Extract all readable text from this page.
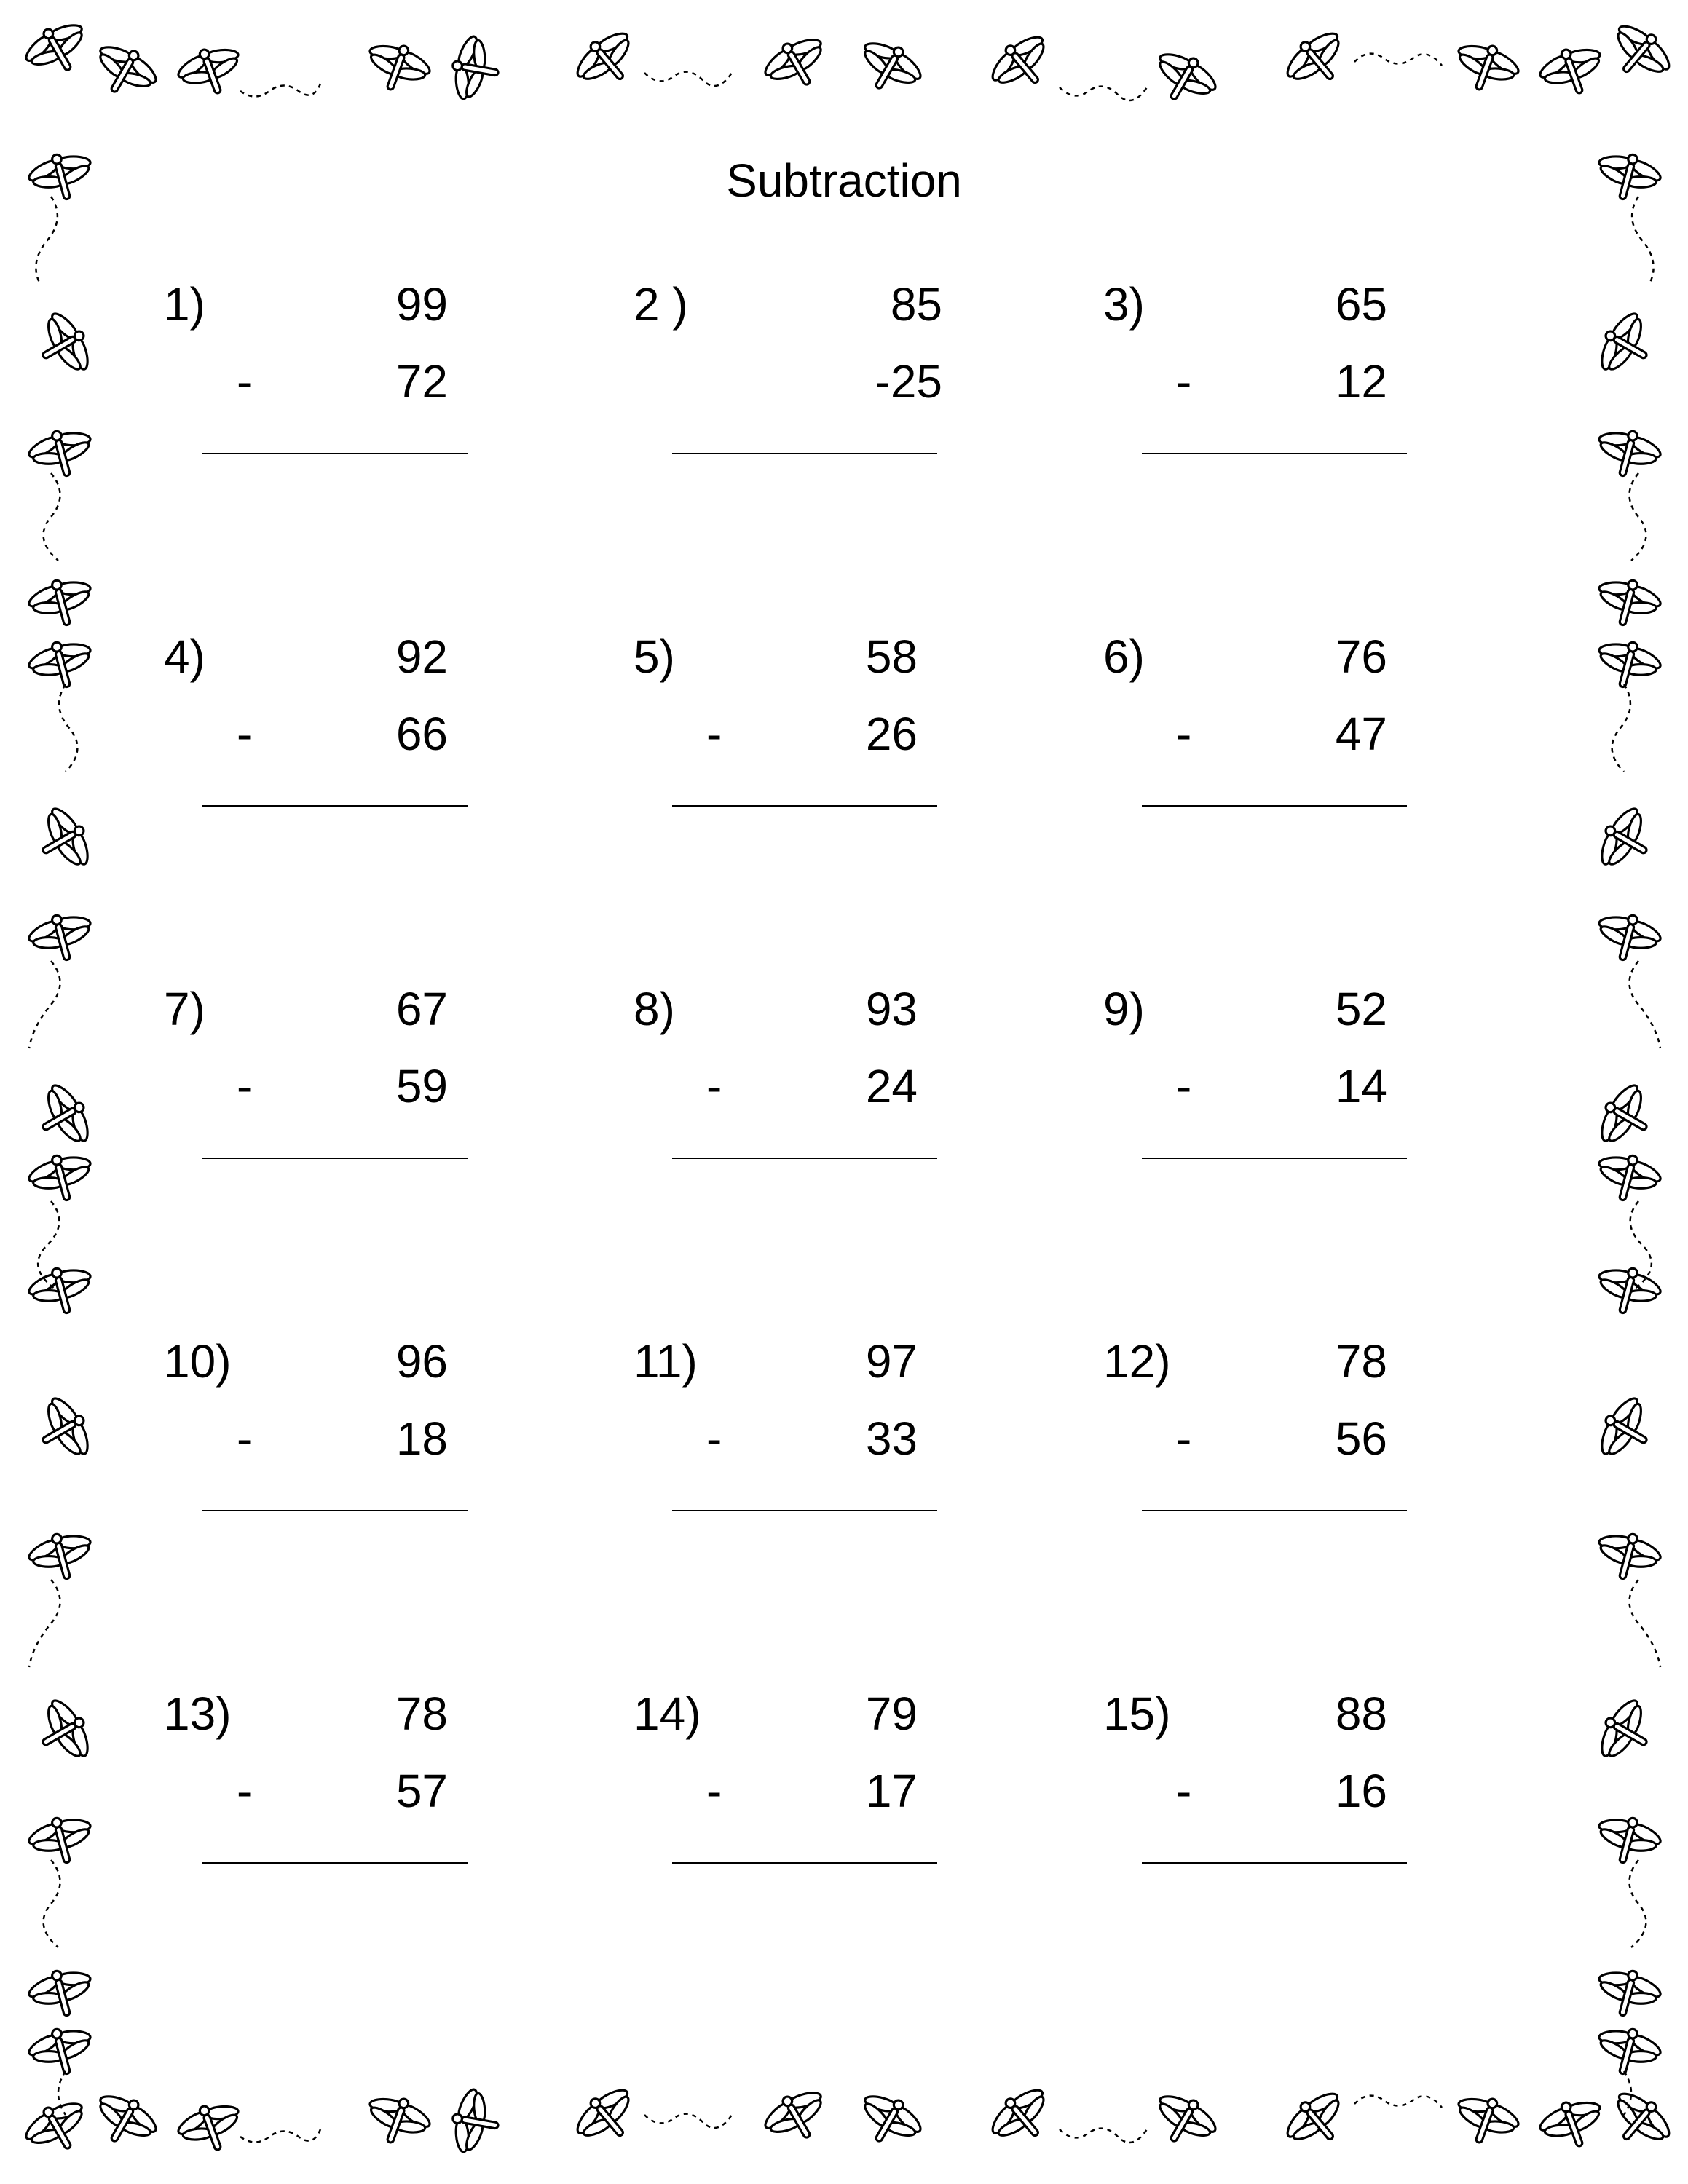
Subtraction
1)	99
-	72
2 )	85
-25
3)	65
-	12
4)	92
-	66
5)	58
-	26
6)	76
-	47
7)	67
-	59
8)	93
-	24
9)	52
-	14
10)	96
-	18
11)	97
-	33
12)	78
-	56
13)	78
-	57
14)	79
-	17
15)	88
-	16
